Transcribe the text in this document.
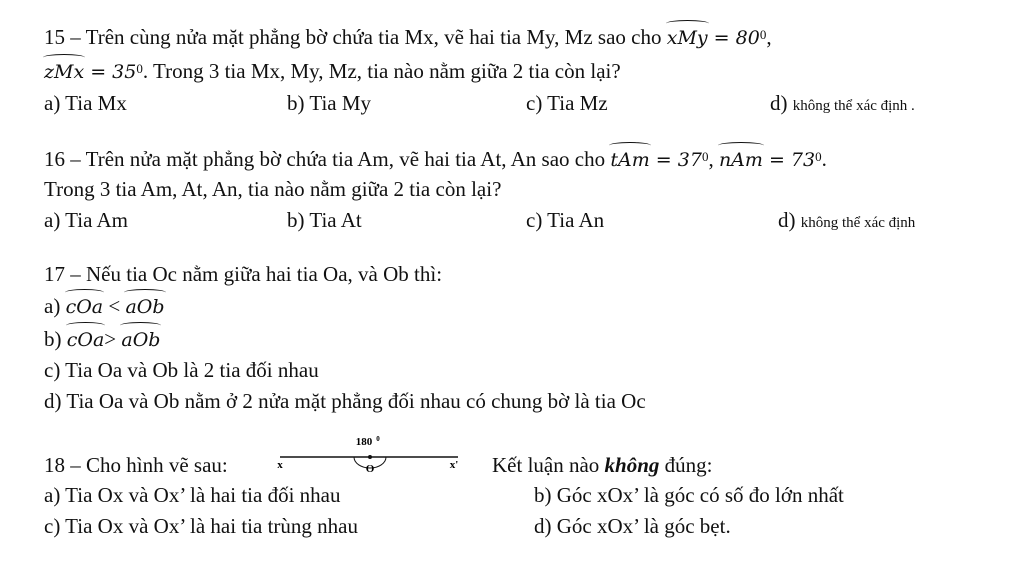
15 – Trên cùng nửa mặt phẳng bờ chứa tia Mx, vẽ hai tia My, Mz sao cho xMy = $80^0$,
zMx = $35^0$. Trong 3 tia Mx, My, Mz, tia nào nằm giữa 2 tia còn lại?
a) Tia Mx	b) Tia My	c) Tia Mz	d) không thể xác định .
16 – Trên nửa mặt phẳng bờ chứa tia Am, vẽ hai tia At, An sao cho tAm = $37^0$, nAm = $73^0$.
Trong 3 tia Am, At, An, tia nào nằm giữa 2 tia còn lại?
a) Tia Am	b) Tia At	c) Tia An	d) không thể xác định
17 – Nếu tia Oc nằm giữa hai tia Oa, và Ob thì:
a) cOa < aOb
b) cOa> aOb
c) Tia Oa và Ob là 2 tia đối nhau
d) Tia Oa và Ob nằm ở 2 nửa mặt phẳng đối nhau có chung bờ là tia Oc
18 – Cho hình vẽ sau:
180 0
x	O	x' Kết luận nào không đúng:
a) Tia Ox và Ox’ là hai tia đối nhau	b) Góc xOx’ là góc có số đo lớn nhất
c) Tia Ox và Ox’ là hai tia trùng nhau	d) Góc xOx’ là góc bẹt.
